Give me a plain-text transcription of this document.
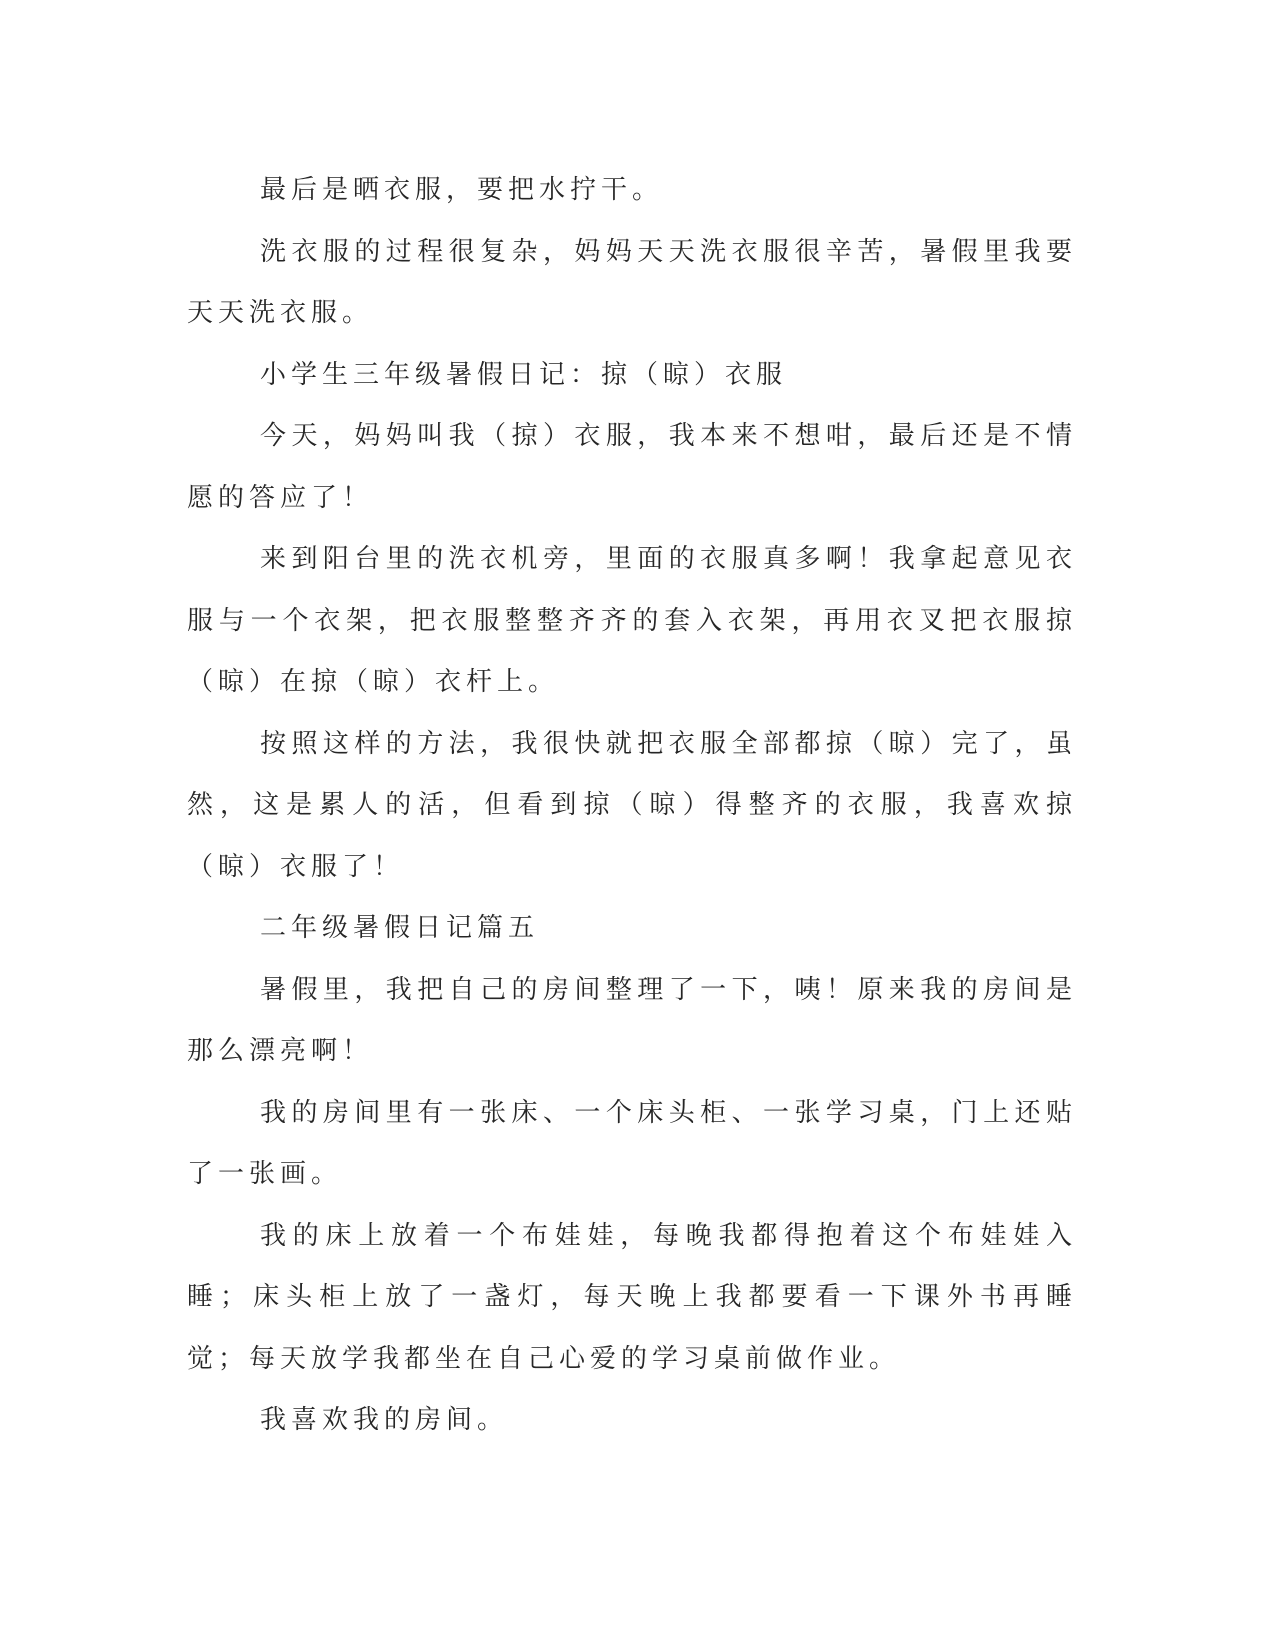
最后是晒衣服，要把水拧干。

洗衣服的过程很复杂，妈妈天天洗衣服很辛苦，暑假里我要天天洗衣服。

小学生三年级暑假日记：掠（晾）衣服

今天，妈妈叫我（掠）衣服，我本来不想咁，最后还是不情愿的答应了！

来到阳台里的洗衣机旁，里面的衣服真多啊！我拿起意见衣服与一个衣架，把衣服整整齐齐的套入衣架，再用衣叉把衣服掠（晾）在掠（晾）衣杆上。

按照这样的方法，我很快就把衣服全部都掠（晾）完了，虽然，这是累人的活，但看到掠（晾）得整齐的衣服，我喜欢掠（晾）衣服了！

二年级暑假日记篇五

暑假里，我把自己的房间整理了一下，咦！原来我的房间是那么漂亮啊！

我的房间里有一张床、一个床头柜、一张学习桌，门上还贴了一张画。

我的床上放着一个布娃娃，每晚我都得抱着这个布娃娃入睡；床头柜上放了一盏灯，每天晚上我都要看一下课外书再睡觉；每天放学我都坐在自己心爱的学习桌前做作业。

我喜欢我的房间。
